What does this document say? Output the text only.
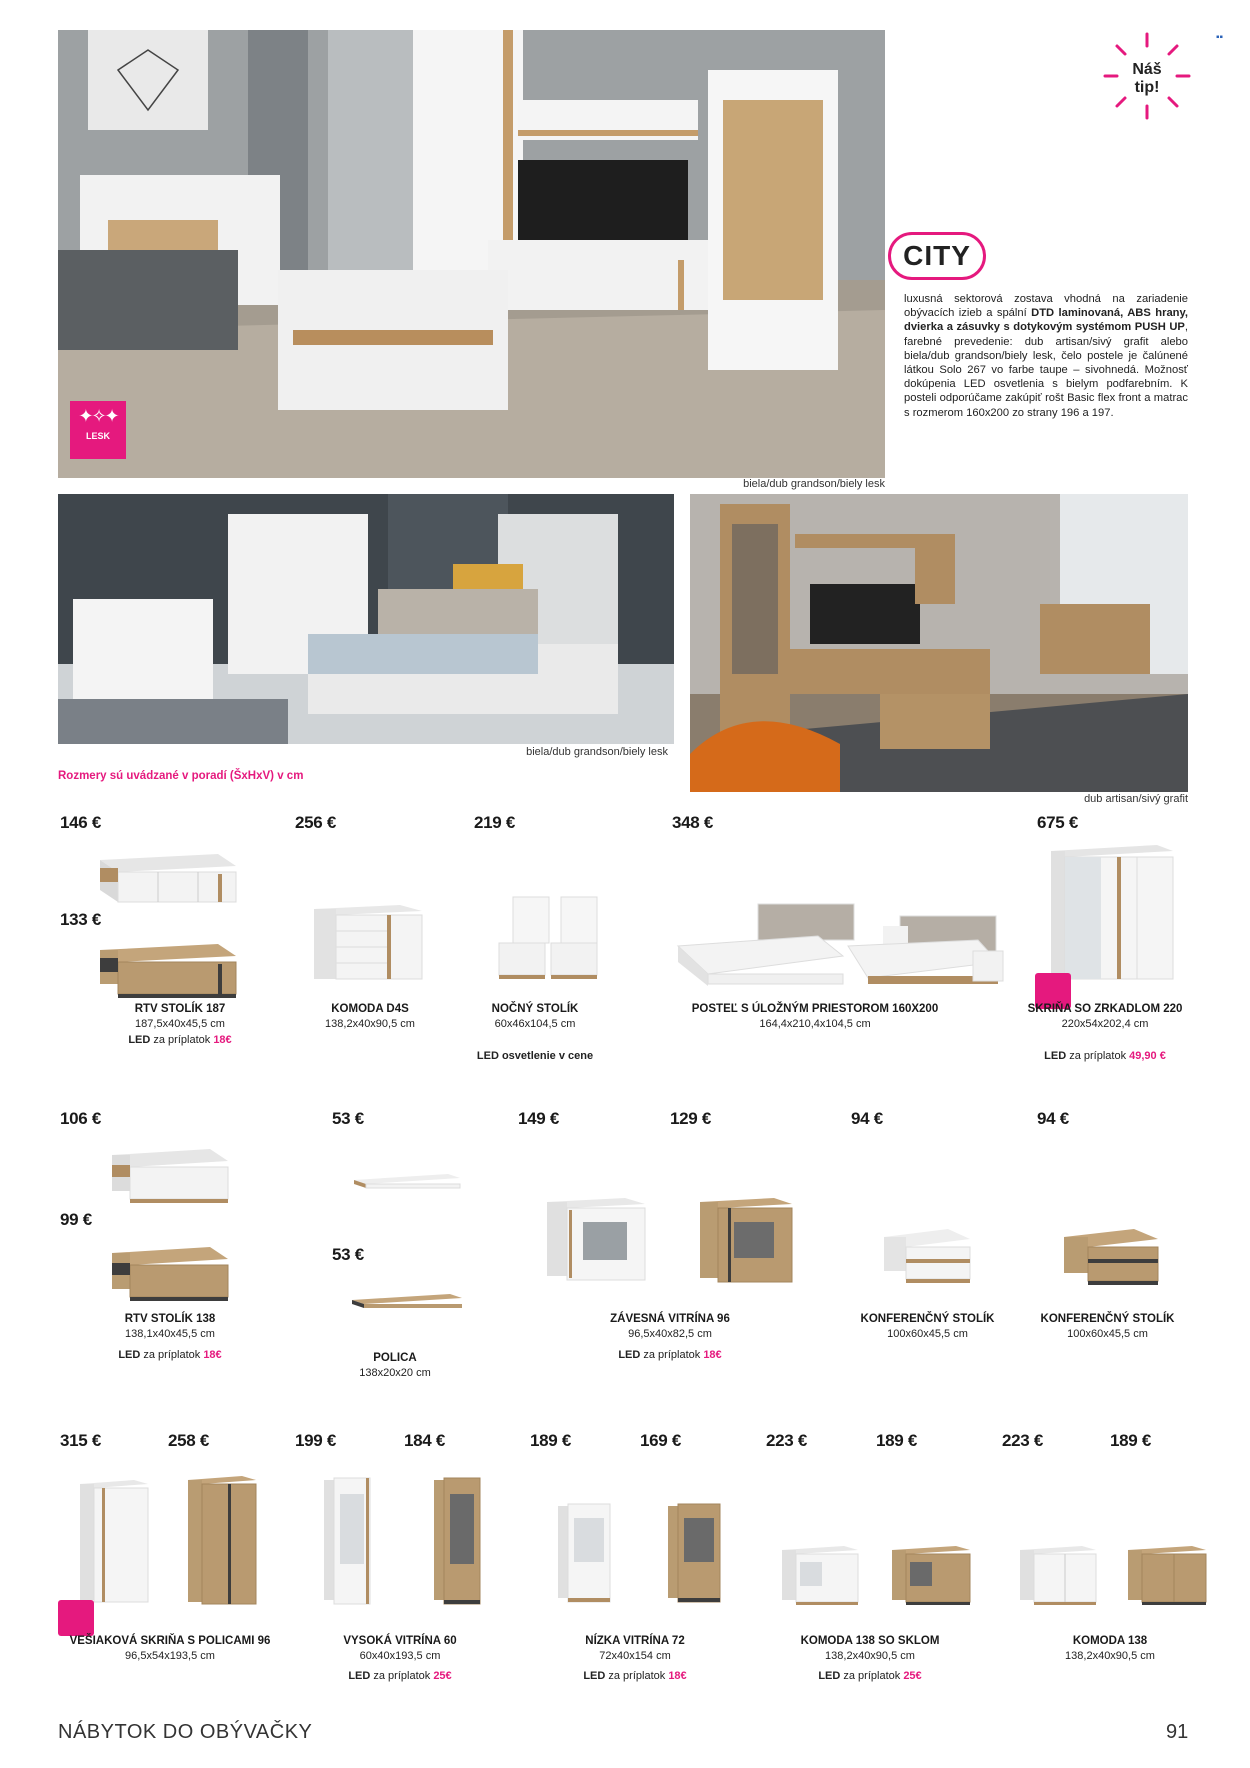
▪▪
✦✧✦
LESK
biela/dub grandson/biely lesk
Náš
tip!
CITY
luxusná sektorová zostava vhodná na zariadenie obývacích izieb a spální DTD laminovaná, ABS hrany, dvierka a zásuvky s dotykovým systémom PUSH UP, farebné prevedenie: dub artisan/sivý grafit alebo biela/dub grandson/biely lesk, čelo postele je čalúnené látkou Solo 267 vo farbe taupe – sivohnedá. Možnosť dokúpenia LED osvetlenia s bielym podfarebním. K posteli odporúčame zakúpiť rošt Basic flex front a matrac s rozmerom 160x200 zo strany 196 a 197.
biela/dub grandson/biely lesk
dub artisan/sivý grafit
Rozmery sú uvádzané v poradí (ŠxHxV) v cm
146 €
133 €
RTV STOLÍK 187
187,5x40x45,5 cm
LED za príplatok 18€
256 €
KOMODA D4S
138,2x40x90,5 cm
219 €
NOČNÝ STOLÍK
60x46x104,5 cm
LED osvetlenie v cene
348 €
POSTEĽ S ÚLOŽNÝM PRIESTOROM 160X200
164,4x210,4x104,5 cm
675 €
SKRIŇA SO ZRKADLOM 220
220x54x202,4 cm
LED za príplatok 49,90 €
106 €
99 €
RTV STOLÍK 138
138,1x40x45,5 cm
LED za príplatok 18€
53 €
53 €
POLICA
138x20x20 cm
149 €	129 €
ZÁVESNÁ VITRÍNA 96
96,5x40x82,5 cm
LED za príplatok 18€
94 €
KONFERENČNÝ STOLÍK
100x60x45,5 cm
94 €
KONFERENČNÝ STOLÍK
100x60x45,5 cm
315 €	258 €
VEŠIAKOVÁ SKRIŇA S POLICAMI 96
96,5x54x193,5 cm
199 €	184 €
VYSOKÁ VITRÍNA 60
60x40x193,5 cm
LED za príplatok 25€
189 €	169 €
NÍZKA VITRÍNA 72
72x40x154 cm
LED za príplatok 18€
223 €	189 €
KOMODA 138 SO SKLOM
138,2x40x90,5 cm
LED za príplatok 25€
223 €	189 €
KOMODA 138
138,2x40x90,5 cm
NÁBYTOK DO OBÝVAČKY	91
